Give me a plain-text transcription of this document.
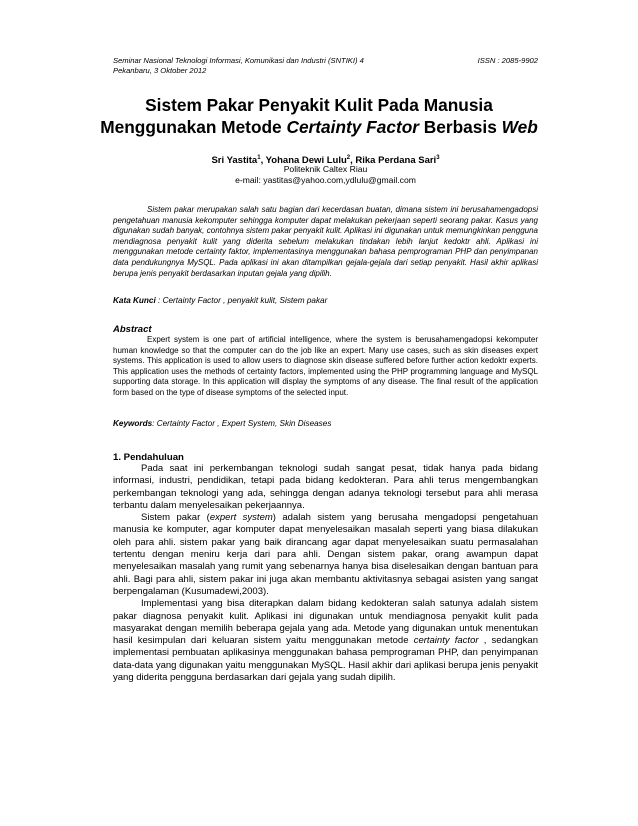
Seminar Nasional Teknologi Informasi, Komunikasi dan Industri (SNTIKI) 4
Pekanbaru, 3 Oktober 2012
ISSN : 2085-9902
Sistem Pakar Penyakit Kulit Pada Manusia
Menggunakan Metode Certainty Factor Berbasis Web
Sri Yastita$^1$, Yohana Dewi Lulu$^2$, Rika Perdana Sari$^3$
Politeknik Caltex Riau
e-mail: yastitas@yahoo.com,ydlulu@gmail.com

Sistem pakar merupakan salah satu bagian dari kecerdasan buatan, dimana sistem ini berusahamengadopsi pengetahuan manusia kekomputer sehingga komputer dapat melakukan pekerjaan seperti seorang pakar. Kasus yang digunakan sudah banyak, contohnya sistem pakar penyakit kulit. Aplikasi ini digunakan untuk memungkinkan pengguna mendiagnosa penyakit kulit yang diderita sebelum melakukan tindakan lebih lanjut kedoktr ahli. Aplikasi ini menggunakan metode certainty faktor, implementasinya menggunakan bahasa pemprograman PHP dan penyimpanan data pendukungnya MySQL. Pada aplikasi ini akan ditampilkan gejala-gejala dari setiap penyakit. Hasil akhir aplikasi berupa jenis penyakit berdasarkan inputan gejala yang dipilih.

Kata Kunci : Certainty Factor , penyakit kulit, Sistem pakar
Abstract

Expert system is one part of artificial intelligence, where the system is berusahamengadopsi kekomputer human knowledge so that the computer can do the job like an expert. Many use cases, such as skin diseases expert systems. This application is used to allow users to diagnose skin disease suffered before further action kedoktr experts. This application uses the methods of certainty factors, implemented using the PHP programming language and MySQL supporting data storage. In this application will display the symptoms of any disease. The final result of the application form based on the type of disease symptoms of the selected input.

Keywords: Certainty Factor , Expert System, Skin Diseases
1. Pendahuluan

Pada saat ini perkembangan teknologi sudah sangat pesat, tidak hanya pada bidang informasi, industri, pendidikan, tetapi pada bidang kedokteran. Para ahli terus mengembangkan perkembangan teknologi yang ada, sehingga dengan adanya teknologi tersebut para ahli merasa terbantu dalam menyelesaikan pekerjaannya.

Sistem pakar (expert system) adalah sistem yang berusaha mengadopsi pengetahuan manusia ke komputer, agar komputer dapat menyelesaikan masalah seperti yang biasa dilakukan oleh para ahli. sistem pakar yang baik dirancang agar dapat menyelesaikan suatu permasalahan tertentu dengan meniru kerja dari para ahli. Dengan sistem pakar, orang awampun dapat menyelesaikan masalah yang rumit yang sebenarnya hanya bisa diselesaikan dengan bantuan para ahli. Bagi para ahli, sistem pakar ini juga akan membantu aktivitasnya sebagai asisten yang sangat berpengalaman (Kusumadewi,2003).

Implementasi yang bisa diterapkan dalam bidang kedokteran salah satunya adalah sistem pakar diagnosa penyakit kulit. Aplikasi ini digunakan untuk mendiagnosa penyakit kulit pada masyarakat dengan memilih beberapa gejala yang ada. Metode yang digunakan untuk menentukan hasil kesimpulan dari keluaran sistem yaitu menggunakan metode certainty factor , sedangkan implementasi pembuatan aplikasinya menggunakan bahasa pemprograman PHP, dan penyimpanan data-data yang digunakan yaitu menggunakan MySQL. Hasil akhir dari aplikasi berupa jenis penyakit yang diderita pengguna berdasarkan dari gejala yang sudah dipilih.
